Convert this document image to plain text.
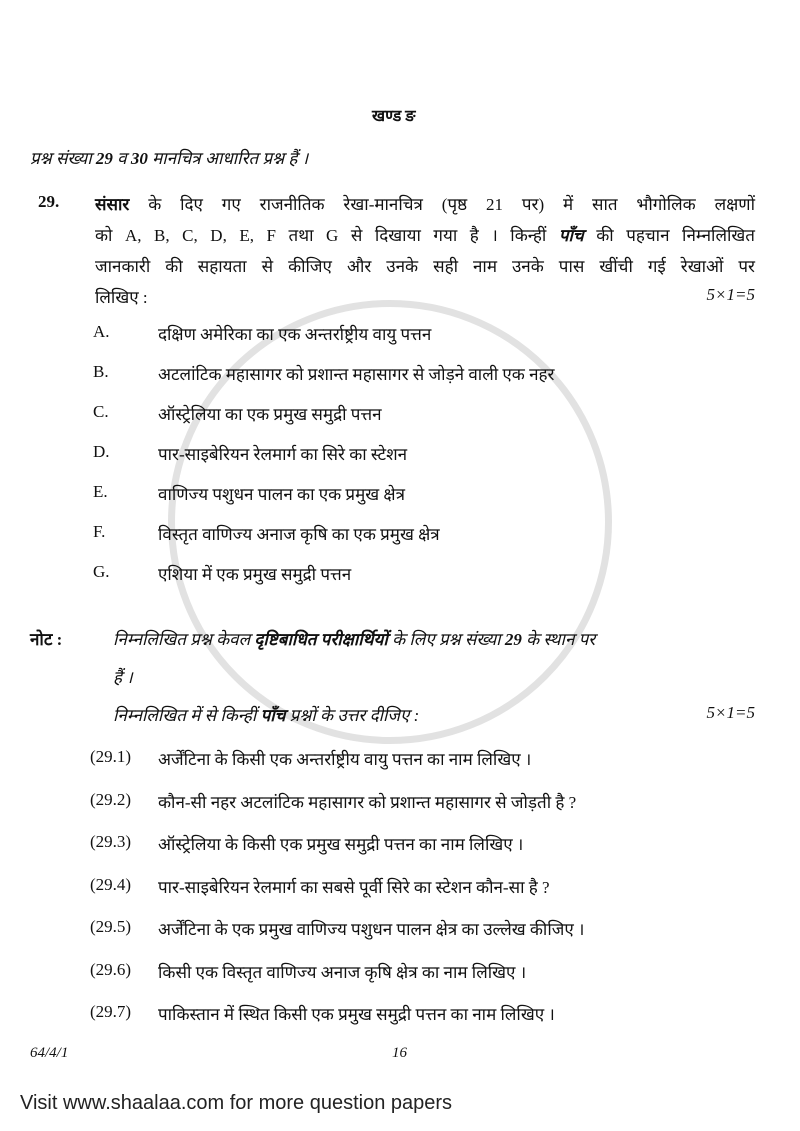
खण्ड ङ
प्रश्न संख्या 29 व 30 मानचित्र आधारित प्रश्न हैं ।
29. संसार के दिए गए राजनीतिक रेखा-मानचित्र (पृष्ठ 21 पर) में सात भौगोलिक लक्षणों
को A, B, C, D, E, F तथा G से दिखाया गया है । किन्हीं पाँच की पहचान निम्नलिखित
जानकारी की सहायता से कीजिए और उनके सही नाम उनके पास खींची गई रेखाओं पर
लिखिए :	5×1=5
A.	दक्षिण अमेरिका का एक अन्तर्राष्ट्रीय वायु पत्तन
B.	अटलांटिक महासागर को प्रशान्त महासागर से जोड़ने वाली एक नहर
C.	ऑस्ट्रेलिया का एक प्रमुख समुद्री पत्तन
D.	पार-साइबेरियन रेलमार्ग का सिरे का स्टेशन
E.	वाणिज्य पशुधन पालन का एक प्रमुख क्षेत्र
F.	विस्तृत वाणिज्य अनाज कृषि का एक प्रमुख क्षेत्र
G.	एशिया में एक प्रमुख समुद्री पत्तन
नोट :	निम्नलिखित प्रश्न केवल दृष्टिबाधित परीक्षार्थियों के लिए प्रश्न संख्या 29 के स्थान पर
हैं ।
निम्नलिखित में से किन्हीं पाँच प्रश्नों के उत्तर दीजिए :	5×1=5
(29.1)	अर्जेंटिना के किसी एक अन्तर्राष्ट्रीय वायु पत्तन का नाम लिखिए ।
(29.2)	कौन-सी नहर अटलांटिक महासागर को प्रशान्त महासागर से जोड़ती है ?
(29.3)	ऑस्ट्रेलिया के किसी एक प्रमुख समुद्री पत्तन का नाम लिखिए ।
(29.4)	पार-साइबेरियन रेलमार्ग का सबसे पूर्वी सिरे का स्टेशन कौन-सा है ?
(29.5)	अर्जेंटिना के एक प्रमुख वाणिज्य पशुधन पालन क्षेत्र का उल्लेख कीजिए ।
(29.6)	किसी एक विस्तृत वाणिज्य अनाज कृषि क्षेत्र का नाम लिखिए ।
(29.7)	पाकिस्तान में स्थित किसी एक प्रमुख समुद्री पत्तन का नाम लिखिए ।
64/4/1	16
Visit www.shaalaa.com for more question papers
